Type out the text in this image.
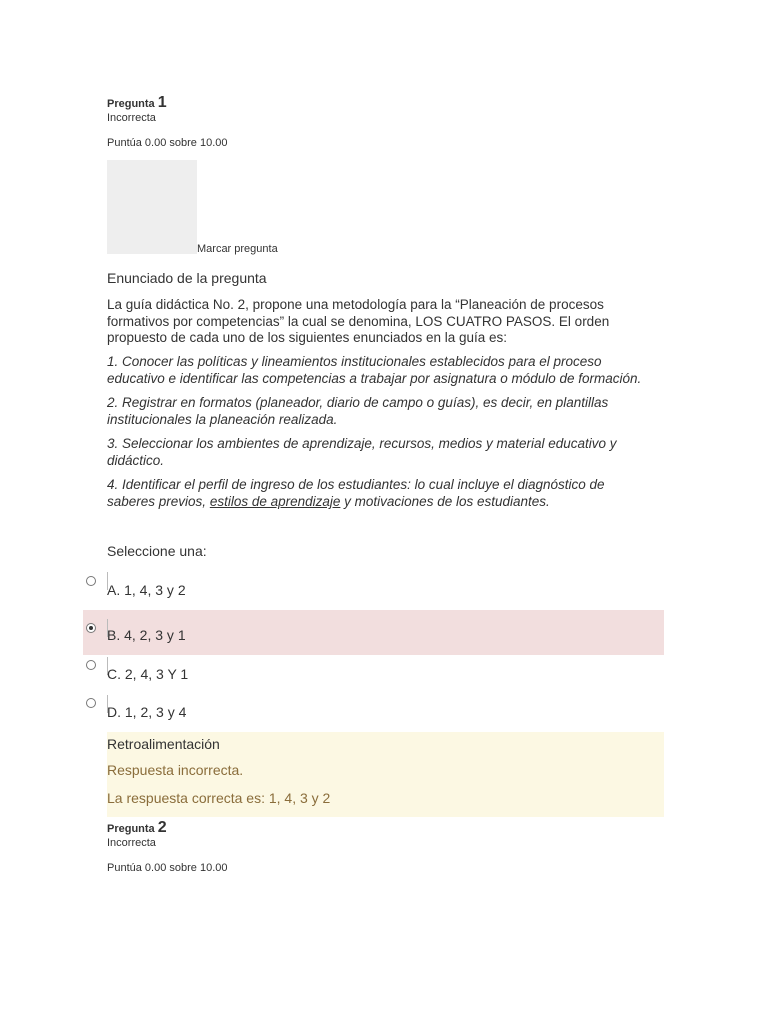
Pregunta 1
Incorrecta
Puntúa 0.00 sobre 10.00
Marcar pregunta
Enunciado de la pregunta

La guía didáctica No. 2, propone una metodología para la “Planeación de procesos

formativos por competencias” la cual se denomina, LOS CUATRO PASOS. El orden

propuesto de cada uno de los siguientes enunciados en la guía es:

1. Conocer las políticas y lineamientos institucionales establecidos para el proceso educativo e identificar las competencias a trabajar por asignatura o módulo de formación.
2. Registrar en formatos (planeador, diario de campo o guías), es decir, en plantillas institucionales la planeación realizada.
3. Seleccionar los ambientes de aprendizaje, recursos, medios y material educativo y didáctico.
4. Identificar el perfil de ingreso de los estudiantes: lo cual incluye el diagnóstico de saberes previos, estilos de aprendizaje y motivaciones de los estudiantes.
Seleccione una:
A. 1, 4, 3 y 2
B. 4, 2, 3 y 1
C. 2, 4, 3 Y 1
D. 1, 2, 3 y 4
Retroalimentación
Respuesta incorrecta.
La respuesta correcta es: 1, 4, 3 y 2
Pregunta 2
Incorrecta
Puntúa 0.00 sobre 10.00
